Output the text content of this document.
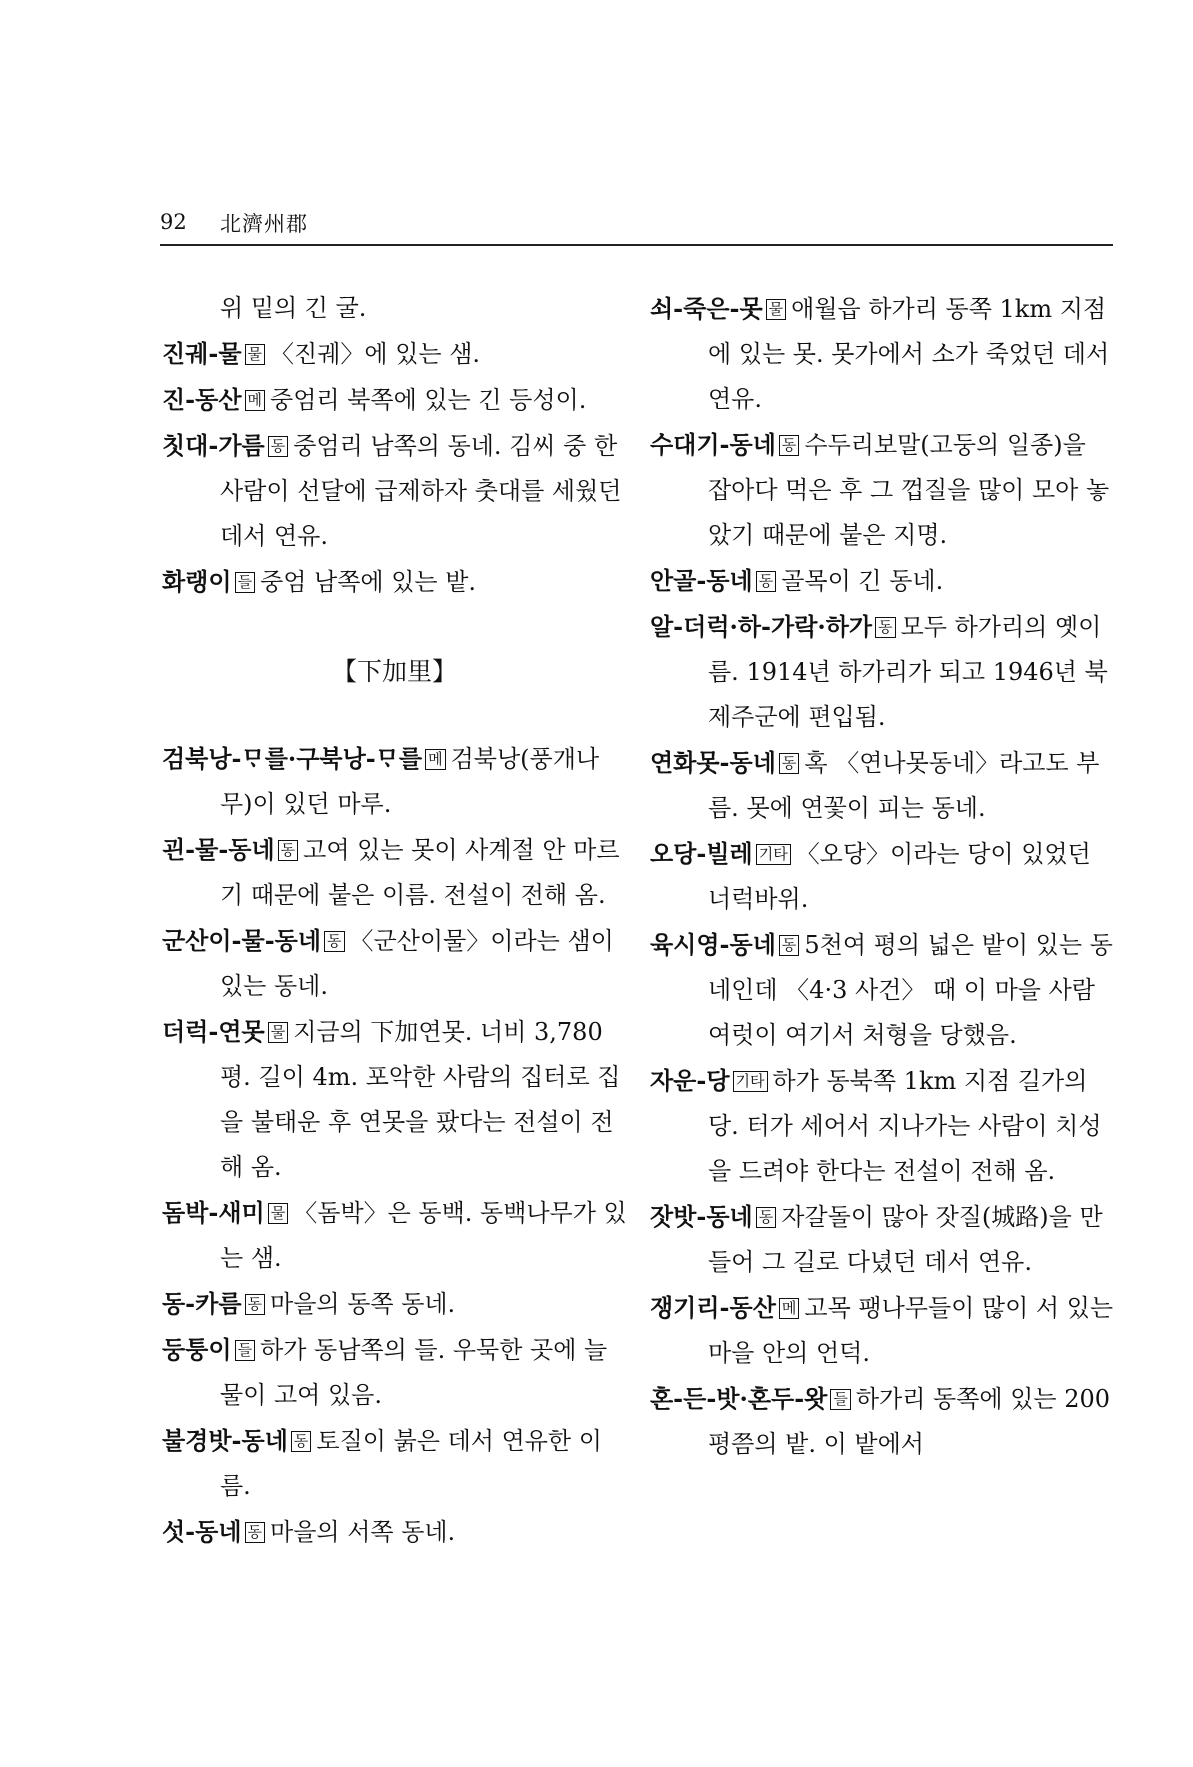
92 北濟州郡
위 밑의 긴 굴.
진궤-물 물 〈진궤〉에 있는 샘.
진-동산 메 중엄리 북쪽에 있는 긴 등성이.
칫대-가름 동 중엄리 남쪽의 동네. 김씨 중 한 사람이 선달에 급제하자 춧대를 세웠던 데서 연유.
화랭이 들 중엄 남쪽에 있는 밭.
【下加里】
검북낭-ᄆᆞ를·구북낭-ᄆᆞ를 메 검북낭(풍개나무)이 있던 마루.
괸-물-동네 동 고여 있는 못이 사계절 안 마르기 때문에 붙은 이름. 전설이 전해 옴.
군산이-물-동네 동 〈군산이물〉이라는 샘이 있는 동네.
더럭-연못 물 지금의 下加연못. 너비 3,780평. 길이 4m. 포악한 사람의 집터로 집을 불태운 후 연못을 팠다는 전설이 전해 옴.
돔박-새미 물 〈돔박〉은 동백. 동백나무가 있는 샘.
동-카름 동 마을의 동쪽 동네.
둥퉁이 들 하가 동남쪽의 들. 우묵한 곳에 늘 물이 고여 있음.
불경밧-동네 동 토질이 붉은 데서 연유한 이름.
섯-동네 동 마을의 서쪽 동네.
쇠-죽은-못 물 애월읍 하가리 동쪽 1km 지점에 있는 못. 못가에서 소가 죽었던 데서 연유.
수대기-동네 동 수두리보말(고둥의 일종)을 잡아다 먹은 후 그 껍질을 많이 모아 놓았기 때문에 붙은 지명.
안골-동네 동 골목이 긴 동네.
알-더럭·하-가락·하가 동 모두 하가리의 옛이름. 1914년 하가리가 되고 1946년 북제주군에 편입됨.
연화못-동네 동 혹 〈연나못동네〉라고도 부름. 못에 연꽃이 피는 동네.
오당-빌레 기타 〈오당〉이라는 당이 있었던 너럭바위.
육시영-동네 동 5천여 평의 넓은 밭이 있는 동네인데 〈4·3 사건〉 때 이 마을 사람 여럿이 여기서 처형을 당했음.
자운-당 기타 하가 동북쪽 1km 지점 길가의 당. 터가 세어서 지나가는 사람이 치성을 드려야 한다는 전설이 전해 옴.
잣밧-동네 동 자갈돌이 많아 잣질(城路)을 만들어 그 길로 다녔던 데서 연유.
쟁기리-동산 메 고목 팽나무들이 많이 서 있는 마을 안의 언덕.
혼-든-밧·혼두-왓 들 하가리 동쪽에 있는 200평쯤의 밭. 이 밭에서
